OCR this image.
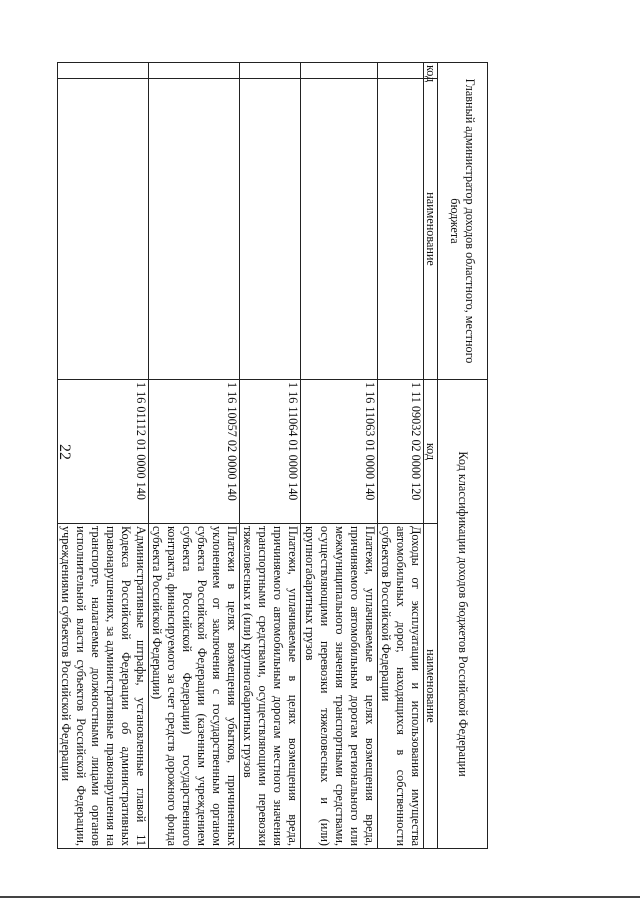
22
Главный администратор доходов областного, местного бюджета		Код классификации доходов бюджетов Российской Федерации	
код	наименование	код	наименование
		1 11 09032 02 0000 120	Доходы от эксплуатации и использования имущества автомобильных дорог, находящихся в собственности субъектов Российской Федерации
		1 16 11063 01 0000 140	Платежи, уплачиваемые в целях возмещения вреда, причиняемого автомобильным дорогам регионального или межмуниципального значения транспортными средствами, осуществляющими перевозки тяжеловесных и (или) крупногабаритных грузов
		1 16 11064 01 0000 140	Платежи, уплачиваемые в целях возмещения вреда, причиняемого автомобильным дорогам местного значения транспортными средствами, осуществляющими перевозки тяжеловесных и (или) крупногабаритных грузов
		1 16 10057 02 0000 140	Платежи в целях возмещения убытков, причиненных уклонением от заключения с государственным органом субъекта Российской Федерации (казенным учреждением субъекта Российской Федерации) государственного контракта, финансируемого за счет средств дорожного фонда субъекта Российской Федерации)
		1 16 01112 01 0000 140	Административные штрафы, установленные главой 11 Кодекса Российской Федерации об административных правонарушениях, за административные правонарушения на транспорте, налагаемые должностными лицами органов исполнительной власти субъектов Российской Федерации, учреждениями субъектов Российской Федерации
